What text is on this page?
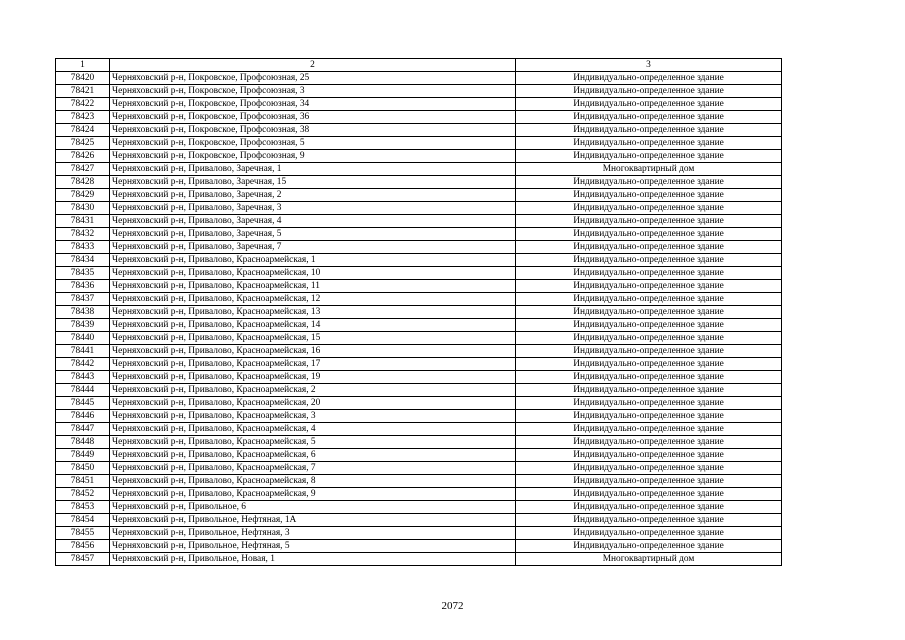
1	2	3
78420	Черняховский р-н, Покровское, Профсоюзная, 25	Индивидуально-определенное здание
78421	Черняховский р-н, Покровское, Профсоюзная, 3	Индивидуально-определенное здание
78422	Черняховский р-н, Покровское, Профсоюзная, 34	Индивидуально-определенное здание
78423	Черняховский р-н, Покровское, Профсоюзная, 36	Индивидуально-определенное здание
78424	Черняховский р-н, Покровское, Профсоюзная, 38	Индивидуально-определенное здание
78425	Черняховский р-н, Покровское, Профсоюзная, 5	Индивидуально-определенное здание
78426	Черняховский р-н, Покровское, Профсоюзная, 9	Индивидуально-определенное здание
78427	Черняховский р-н, Привалово, Заречная, 1	Многоквартирный дом
78428	Черняховский р-н, Привалово, Заречная, 15	Индивидуально-определенное здание
78429	Черняховский р-н, Привалово, Заречная, 2	Индивидуально-определенное здание
78430	Черняховский р-н, Привалово, Заречная, 3	Индивидуально-определенное здание
78431	Черняховский р-н, Привалово, Заречная, 4	Индивидуально-определенное здание
78432	Черняховский р-н, Привалово, Заречная, 5	Индивидуально-определенное здание
78433	Черняховский р-н, Привалово, Заречная, 7	Индивидуально-определенное здание
78434	Черняховский р-н, Привалово, Красноармейская, 1	Индивидуально-определенное здание
78435	Черняховский р-н, Привалово, Красноармейская, 10	Индивидуально-определенное здание
78436	Черняховский р-н, Привалово, Красноармейская, 11	Индивидуально-определенное здание
78437	Черняховский р-н, Привалово, Красноармейская, 12	Индивидуально-определенное здание
78438	Черняховский р-н, Привалово, Красноармейская, 13	Индивидуально-определенное здание
78439	Черняховский р-н, Привалово, Красноармейская, 14	Индивидуально-определенное здание
78440	Черняховский р-н, Привалово, Красноармейская, 15	Индивидуально-определенное здание
78441	Черняховский р-н, Привалово, Красноармейская, 16	Индивидуально-определенное здание
78442	Черняховский р-н, Привалово, Красноармейская, 17	Индивидуально-определенное здание
78443	Черняховский р-н, Привалово, Красноармейская, 19	Индивидуально-определенное здание
78444	Черняховский р-н, Привалово, Красноармейская, 2	Индивидуально-определенное здание
78445	Черняховский р-н, Привалово, Красноармейская, 20	Индивидуально-определенное здание
78446	Черняховский р-н, Привалово, Красноармейская, 3	Индивидуально-определенное здание
78447	Черняховский р-н, Привалово, Красноармейская, 4	Индивидуально-определенное здание
78448	Черняховский р-н, Привалово, Красноармейская, 5	Индивидуально-определенное здание
78449	Черняховский р-н, Привалово, Красноармейская, 6	Индивидуально-определенное здание
78450	Черняховский р-н, Привалово, Красноармейская, 7	Индивидуально-определенное здание
78451	Черняховский р-н, Привалово, Красноармейская, 8	Индивидуально-определенное здание
78452	Черняховский р-н, Привалово, Красноармейская, 9	Индивидуально-определенное здание
78453	Черняховский р-н, Привольное, 6	Индивидуально-определенное здание
78454	Черняховский р-н, Привольное, Нефтяная, 1А	Индивидуально-определенное здание
78455	Черняховский р-н, Привольное, Нефтяная, 3	Индивидуально-определенное здание
78456	Черняховский р-н, Привольное, Нефтяная, 5	Индивидуально-определенное здание
78457	Черняховский р-н, Привольное, Новая, 1	Многоквартирный дом
2072
